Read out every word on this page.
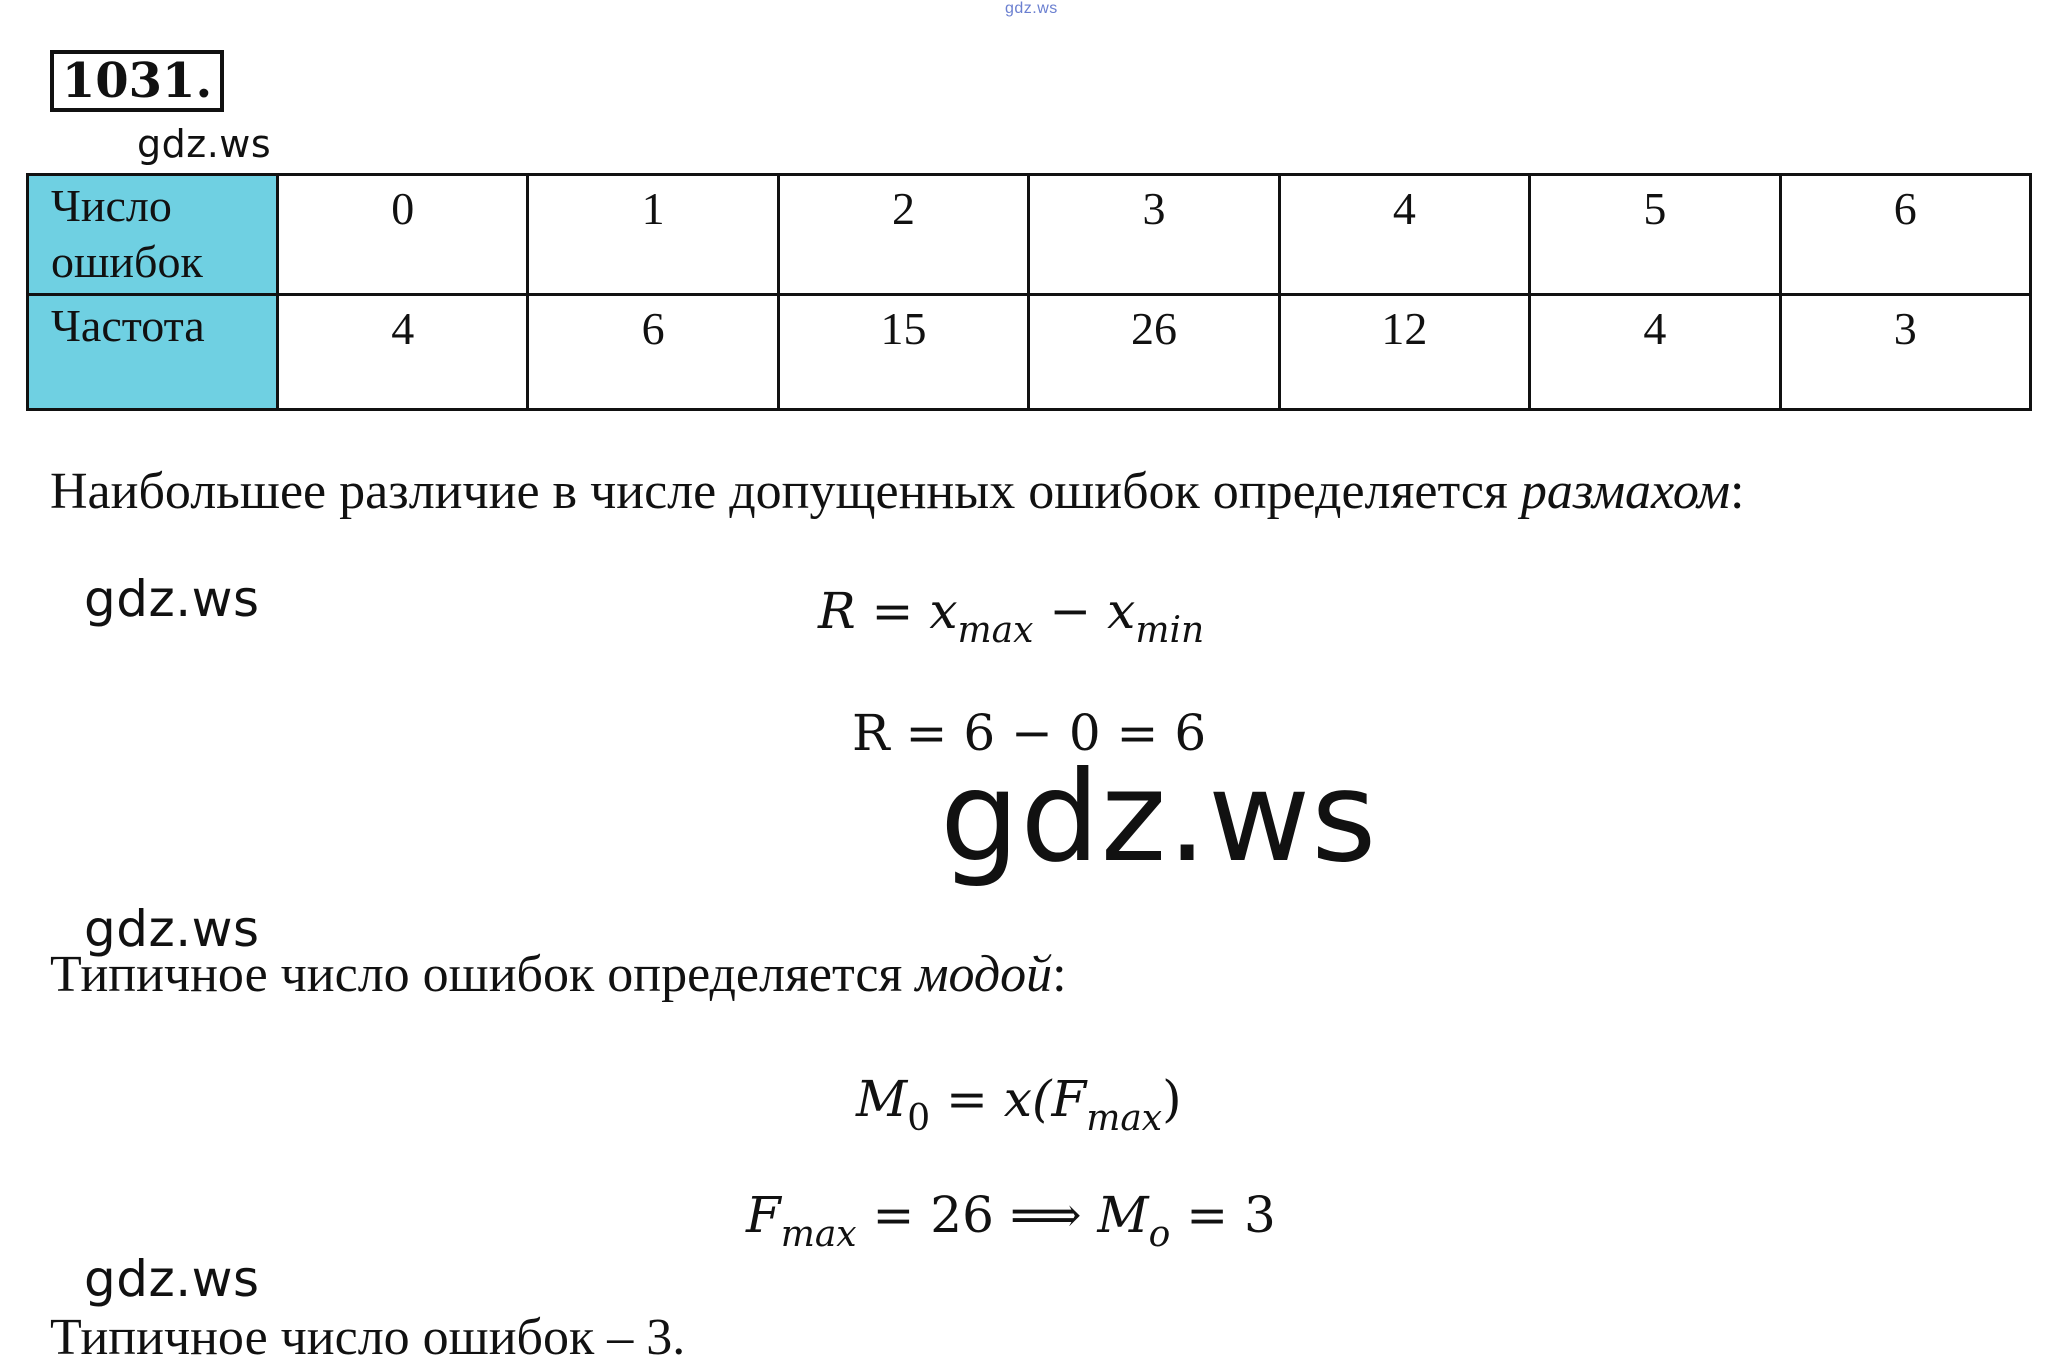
gdz.ws
1031.
gdz.ws
Число ошибок	0	1	2	3	4	5	6
Частота	4	6	15	26	12	4	3
Наибольшее различие в числе допущенных ошибок определяется размахом:
gdz.ws	$R = x_{max} - x_{min}$
R = 6 − 0 = 6
gdz.ws
gdz.ws
Типичное число ошибок определяется модой:
$M_0 = x(F_{max})$
$F_{max} = 26$ ⟹ $M_o = 3$
gdz.ws
Типичное число ошибок – 3.
